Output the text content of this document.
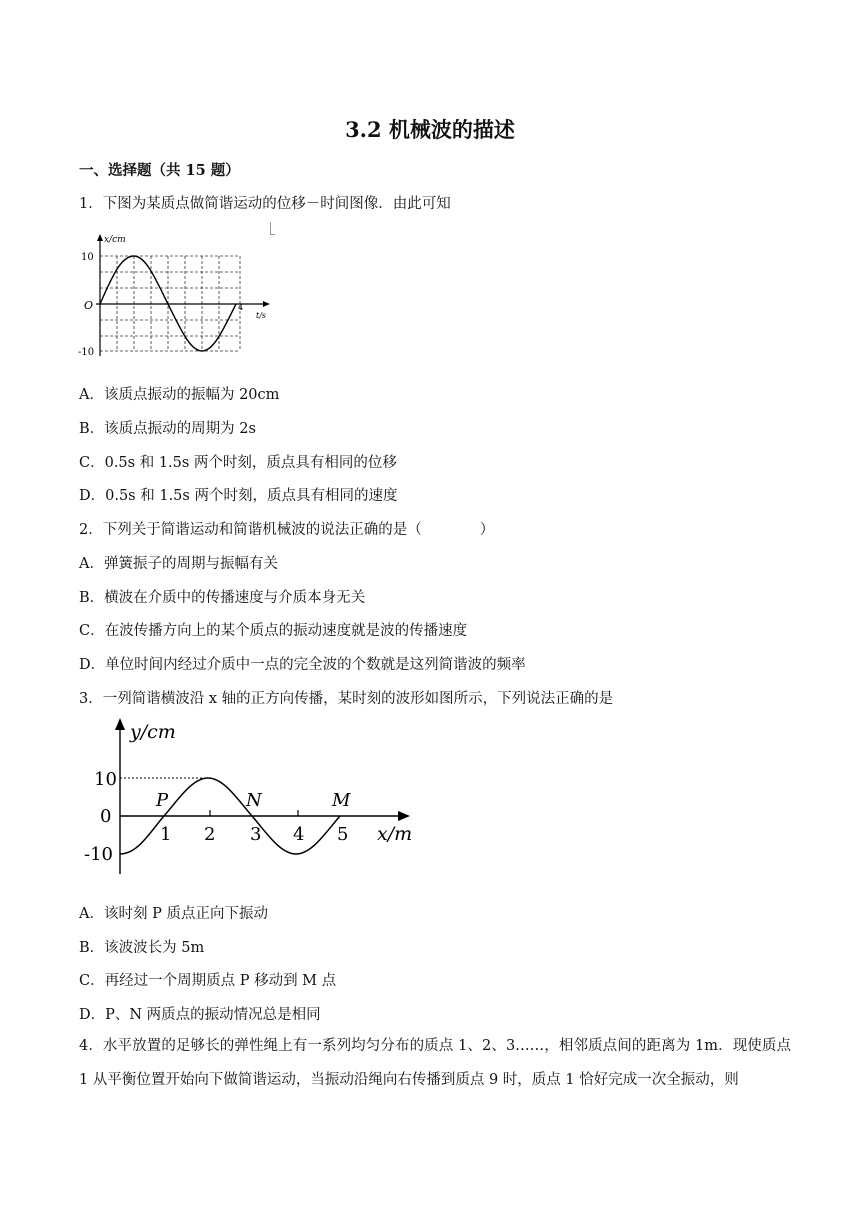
3.2 机械波的描述
一、选择题（共 15 题）
1．下图为某质点做简谐运动的位移－时间图像．由此可知
x/cm
10
-10
O	4
t/s
A．该质点振动的振幅为 20cm
B．该质点振动的周期为 2s
C．0.5s 和 1.5s 两个时刻，质点具有相同的位移
D．0.5s 和 1.5s 两个时刻，质点具有相同的速度
2．下列关于简谐运动和简谐机械波的说法正确的是（　　　　）
A．弹簧振子的周期与振幅有关
B．横波在介质中的传播速度与介质本身无关
C．在波传播方向上的某个质点的振动速度就是波的传播速度
D．单位时间内经过介质中一点的完全波的个数就是这列简谐波的频率
3．一列简谐横波沿 x 轴的正方向传播，某时刻的波形如图所示，下列说法正确的是
y/cm
10
0
-10
1 2 3 4 5
P	N	M
x/m
A．该时刻 P 质点正向下振动
B．该波波长为 5m
C．再经过一个周期质点 P 移动到 M 点
D．P、N 两质点的振动情况总是相同
4．水平放置的足够长的弹性绳上有一系列均匀分布的质点 1、2、3……，相邻质点间的距离为 1m．现使质点 1 从平衡位置开始向下做简谐运动，当振动沿绳向右传播到质点 9 时，质点 1 恰好完成一次全振动，则
